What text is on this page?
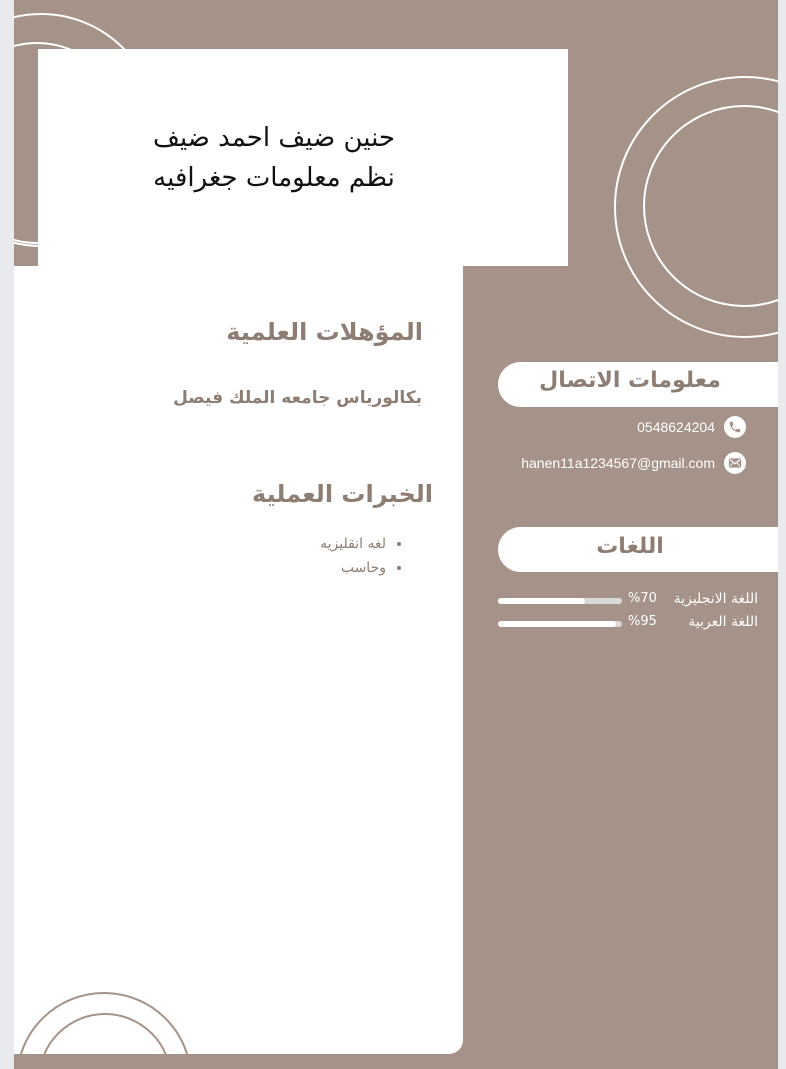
حنين ضيف احمد ضيف
نظم معلومات جغرافيه
المؤهلات العلمية
بكالورياس جامعه الملك فيصل
الخبرات العملية
• لغه انقليزيه
• وحاسب
معلومات الاتصال
0548624204
hanen11a1234567@gmail.com
اللغات
%70 اللغة الانجليزية
%95 اللغة العربية
